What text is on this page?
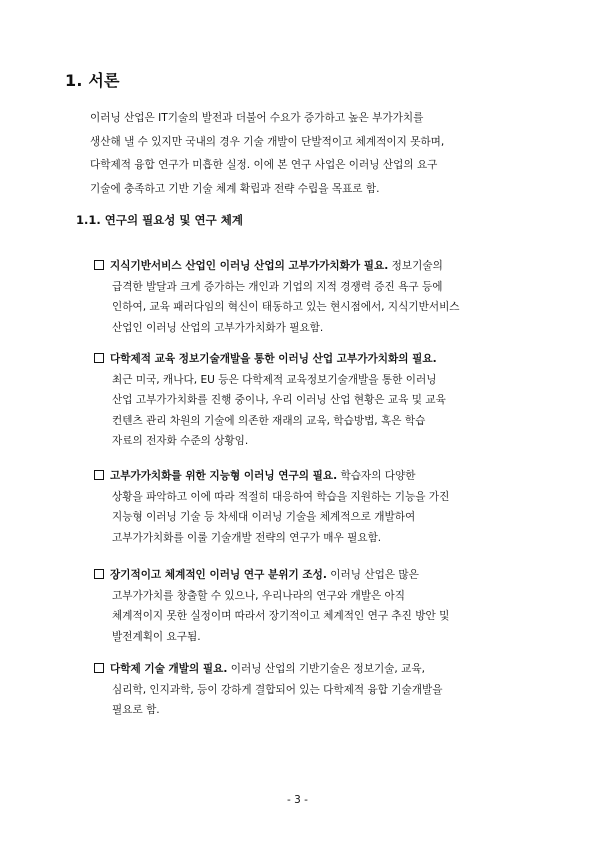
1. 서론
이러닝 산업은 IT기술의 발전과 더불어 수요가 증가하고 높은 부가가치를
생산해 낼 수 있지만 국내의 경우 기술 개발이 단발적이고 체계적이지 못하며,
다학제적 융합 연구가 미흡한 실정. 이에 본 연구 사업은 이러닝 산업의 요구
기술에 충족하고 기반 기술 체계 확립과 전략 수립을 목표로 함.
1.1. 연구의 필요성 및 연구 체계
지식기반서비스 산업인 이러닝 산업의 고부가가치화가 필요. 정보기술의
급격한 발달과 크게 증가하는 개인과 기업의 지적 경쟁력 증진 욕구 등에
인하여, 교육 패러다임의 혁신이 태동하고 있는 현시점에서, 지식기반서비스
산업인 이러닝 산업의 고부가가치화가 필요함.
다학제적 교육 정보기술개발을 통한 이러닝 산업 고부가가치화의 필요.
최근 미국, 캐나다, EU 등은 다학제적 교육정보기술개발을 통한 이러닝
산업 고부가가치화를 진행 중이나, 우리 이러닝 산업 현황은 교육 및 교육
컨텐츠 관리 차원의 기술에 의존한 재래의 교육, 학습방법, 혹은 학습
자료의 전자화 수준의 상황임.
고부가가치화를 위한 지능형 이러닝 연구의 필요. 학습자의 다양한
상황을 파악하고 이에 따라 적절히 대응하여 학습을 지원하는 기능을 가진
지능형 이러닝 기술 등 차세대 이러닝 기술을 체계적으로 개발하여
고부가가치화를 이룰 기술개발 전략의 연구가 매우 필요함.
장기적이고 체계적인 이러닝 연구 분위기 조성. 이러닝 산업은 많은
고부가가치를 창출할 수 있으나, 우리나라의 연구와 개발은 아직
체계적이지 못한 실정이며 따라서 장기적이고 체계적인 연구 추진 방안 및
발전계획이 요구됨.
다학제 기술 개발의 필요. 이러닝 산업의 기반기술은 정보기술, 교육,
심리학, 인지과학, 등이 강하게 결합되어 있는 다학제적 융합 기술개발을
필요로 함.
- 3 -
